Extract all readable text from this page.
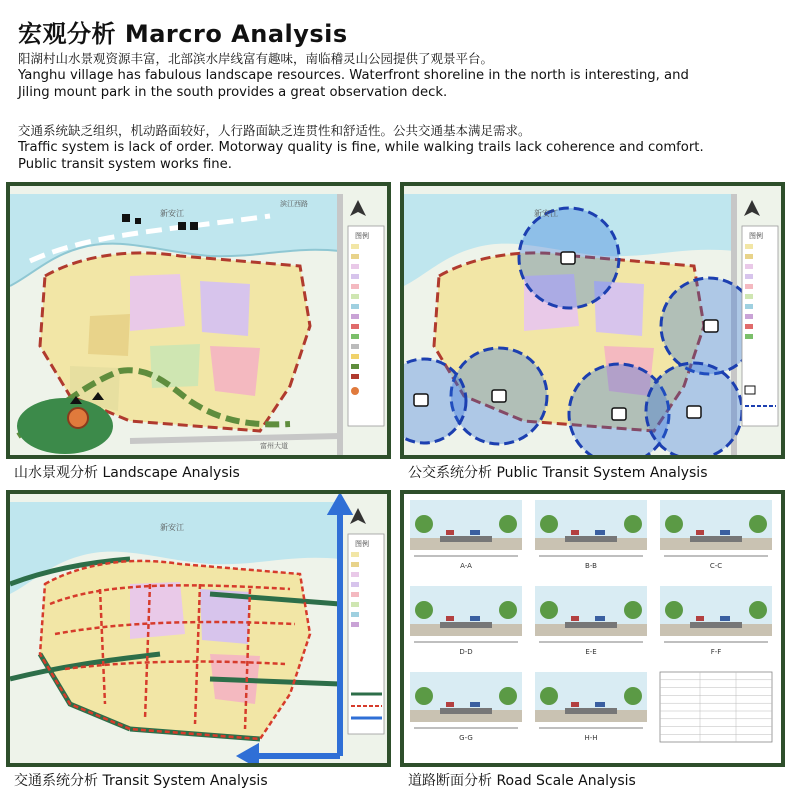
宏观分析 Marcro Analysis
阳湖村山水景观资源丰富，北部滨水岸线富有趣味，南临稽灵山公园提供了观景平台。
Yanghu village has fabulous landscape resources. Waterfront shoreline in the north is interesting, and
Jiling mount park in the south provides a great observation deck.
交通系统缺乏组织，机动路面较好，人行路面缺乏连贯性和舒适性。公共交通基本满足需求。
Traffic system is lack of order. Motorway quality is fine, while walking trails lack coherence and comfort.
Public transit system works fine.
图例
新安江
滨江西路
富州大道
山水景观分析 Landscape Analysis
图例
新安江
公交系统分析 Public Transit System Analysis
图例
新安江
交通系统分析 Transit System Analysis
A-A	B-B	C-C
D-D	E-E	F-F
G-G	H-H
道路断面分析 Road Scale Analysis
